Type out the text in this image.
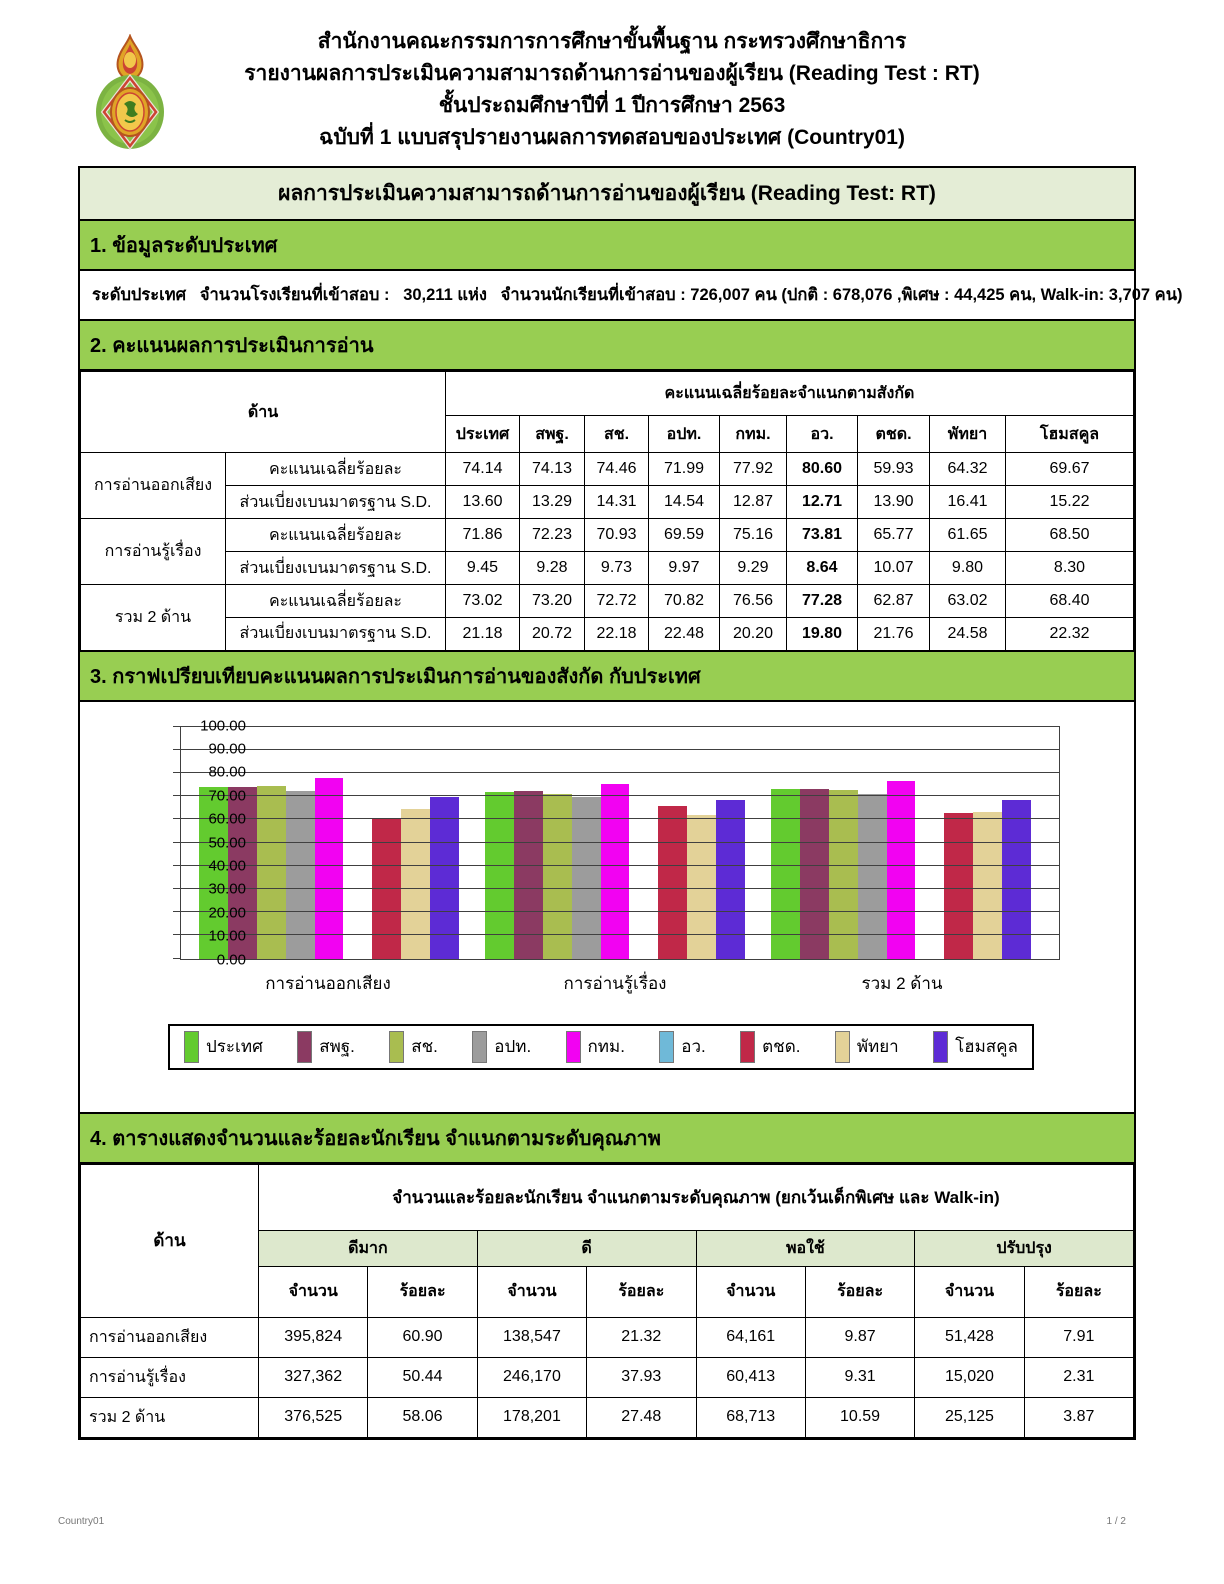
สำนักงานคณะกรรมการการศึกษาขั้นพื้นฐาน กระทรวงศึกษาธิการ
รายงานผลการประเมินความสามารถด้านการอ่านของผู้เรียน (Reading Test : RT)
ชั้นประถมศึกษาปีที่ 1 ปีการศึกษา 2563
ฉบับที่ 1 แบบสรุปรายงานผลการทดสอบของประเทศ (Country01)
ผลการประเมินความสามารถด้านการอ่านของผู้เรียน (Reading Test: RT)
1. ข้อมูลระดับประเทศ
ระดับประเทศ   จำนวนโรงเรียนที่เข้าสอบ :   30,211 แห่ง   จำนวนนักเรียนที่เข้าสอบ : 726,007 คน (ปกติ : 678,076 ,พิเศษ : 44,425 คน, Walk-in: 3,707 คน)
2. คะแนนผลการประเมินการอ่าน
ด้าน		คะแนนเฉลี่ยร้อยละจำแนกตามสังกัด								
		ประเทศ	สพฐ.	สช.	อปท.	กทม.	อว.	ตชด.	พัทยา	โฮมสคูล
การอ่านออกเสียง	คะแนนเฉลี่ยร้อยละ	74.14	74.13	74.46	71.99	77.92	80.60	59.93	64.32	69.67
	ส่วนเบี่ยงเบนมาตรฐาน S.D.	13.60	13.29	14.31	14.54	12.87	12.71	13.90	16.41	15.22
การอ่านรู้เรื่อง	คะแนนเฉลี่ยร้อยละ	71.86	72.23	70.93	69.59	75.16	73.81	65.77	61.65	68.50
	ส่วนเบี่ยงเบนมาตรฐาน S.D.	9.45	9.28	9.73	9.97	9.29	8.64	10.07	9.80	8.30
รวม 2 ด้าน	คะแนนเฉลี่ยร้อยละ	73.02	73.20	72.72	70.82	76.56	77.28	62.87	63.02	68.40
	ส่วนเบี่ยงเบนมาตรฐาน S.D.	21.18	20.72	22.18	22.48	20.20	19.80	21.76	24.58	22.32
3. กราฟเปรียบเทียบคะแนนผลการประเมินการอ่านของสังกัด กับประเทศ
0.00
10.00
20.00
30.00
40.00
50.00
60.00
70.00
80.00
90.00
100.00
การอ่านออกเสียง	การอ่านรู้เรื่อง	รวม 2 ด้าน
ประเทศ	สพฐ.	สช.	อปท.	กทม.	อว.	ตชด.	พัทยา	โฮมสคูล
4. ตารางแสดงจำนวนและร้อยละนักเรียน จำแนกตามระดับคุณภาพ
ด้าน	จำนวนและร้อยละนักเรียน จำแนกตามระดับคุณภาพ (ยกเว้นเด็กพิเศษ และ Walk-in)							
	ดีมาก		ดี		พอใช้		ปรับปรุง	
	จำนวน	ร้อยละ	จำนวน	ร้อยละ	จำนวน	ร้อยละ	จำนวน	ร้อยละ
การอ่านออกเสียง	395,824	60.90	138,547	21.32	64,161	9.87	51,428	7.91
การอ่านรู้เรื่อง	327,362	50.44	246,170	37.93	60,413	9.31	15,020	2.31
รวม 2 ด้าน	376,525	58.06	178,201	27.48	68,713	10.59	25,125	3.87
Country01	1 / 2
